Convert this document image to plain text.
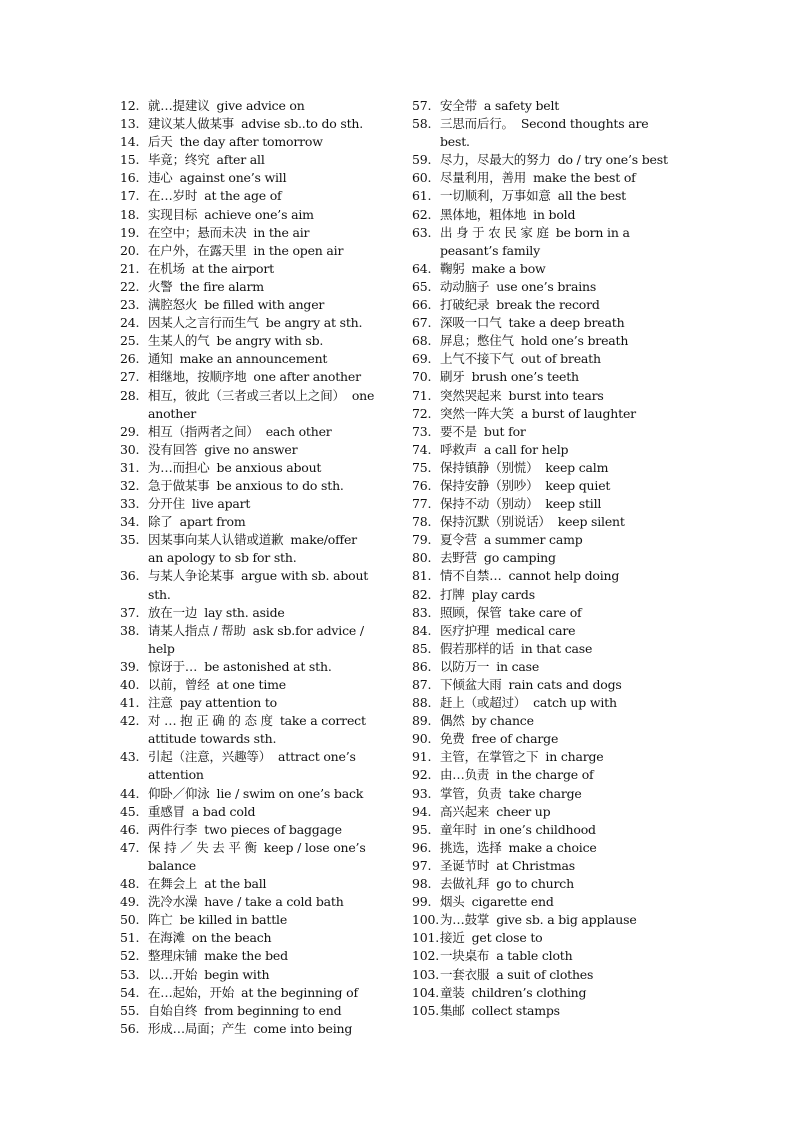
12. 就…提建议 give advice on
13. 建议某人做某事 advise sb..to do sth.
14. 后天 the day after tomorrow
15. 毕竟；终究 after all
16. 违心 against one’s will
17. 在…岁时 at the age of
18. 实现目标 achieve one’s aim
19. 在空中；悬而未决 in the air
20. 在户外，在露天里 in the open air
21. 在机场 at the airport
22. 火警 the fire alarm
23. 满腔怒火 be filled with anger
24. 因某人之言行而生气 be angry at sth.
25. 生某人的气 be angry with sb.
26. 通知 make an announcement
27. 相继地，按顺序地 one after another
28. 相互，彼此（三者或三者以上之间） one
another
29. 相互（指两者之间） each other
30. 没有回答 give no answer
31. 为…而担心 be anxious about
32. 急于做某事 be anxious to do sth.
33. 分开住 live apart
34. 除了 apart from
35. 因某事向某人认错或道歉 make/offer
an apology to sb for sth.
36. 与某人争论某事 argue with sb. about
sth.
37. 放在一边 lay sth. aside
38. 请某人指点 / 帮助 ask sb.for advice /
help
39. 惊讶于… be astonished at sth.
40. 以前，曾经 at one time
41. 注意 pay attention to
42. 对 … 抱 正 确 的 态 度 take a correct
attitude towards sth.
43. 引起（注意，兴趣等） attract one’s
attention
44. 仰卧／仰泳 lie / swim on one’s back
45. 重感冒 a bad cold
46. 两件行李 two pieces of baggage
47. 保 持 ／ 失 去 平 衡 keep / lose one’s
balance
48. 在舞会上 at the ball
49. 洗冷水澡 have / take a cold bath
50. 阵亡 be killed in battle
51. 在海滩 on the beach
52. 整理床铺 make the bed
53. 以…开始 begin with
54. 在…起始，开始 at the beginning of
55. 自始自终 from beginning to end
56. 形成…局面；产生 come into being
57. 安全带 a safety belt
58. 三思而后行。 Second thoughts are
best.
59. 尽力，尽最大的努力 do / try one’s best
60. 尽量利用，善用 make the best of
61. 一切顺利，万事如意 all the best
62. 黑体地，粗体地 in bold
63. 出 身 于 农 民 家 庭 be born in a
peasant’s family
64. 鞠躬 make a bow
65. 动动脑子 use one’s brains
66. 打破纪录 break the record
67. 深吸一口气 take a deep breath
68. 屏息；憋住气 hold one’s breath
69. 上气不接下气 out of breath
70. 刷牙 brush one’s teeth
71. 突然哭起来 burst into tears
72. 突然一阵大笑 a burst of laughter
73. 要不是 but for
74. 呼救声 a call for help
75. 保持镇静（别慌） keep calm
76. 保持安静（别吵） keep quiet
77. 保持不动（别动） keep still
78. 保持沉默（别说话） keep silent
79. 夏令营 a summer camp
80. 去野营 go camping
81. 情不自禁… cannot help doing
82. 打牌 play cards
83. 照顾，保管 take care of
84. 医疗护理 medical care
85. 假若那样的话 in that case
86. 以防万一 in case
87. 下倾盆大雨 rain cats and dogs
88. 赶上（或超过） catch up with
89. 偶然 by chance
90. 免费 free of charge
91. 主管，在掌管之下 in charge
92. 由…负责 in the charge of
93. 掌管，负责 take charge
94. 高兴起来 cheer up
95. 童年时 in one’s childhood
96. 挑选，选择 make a choice
97. 圣诞节时 at Christmas
98. 去做礼拜 go to church
99. 烟头 cigarette end
100. 为…鼓掌 give sb. a big applause
101. 接近 get close to
102. 一块桌布 a table cloth
103. 一套衣服 a suit of clothes
104. 童装 children’s clothing
105. 集邮 collect stamps
